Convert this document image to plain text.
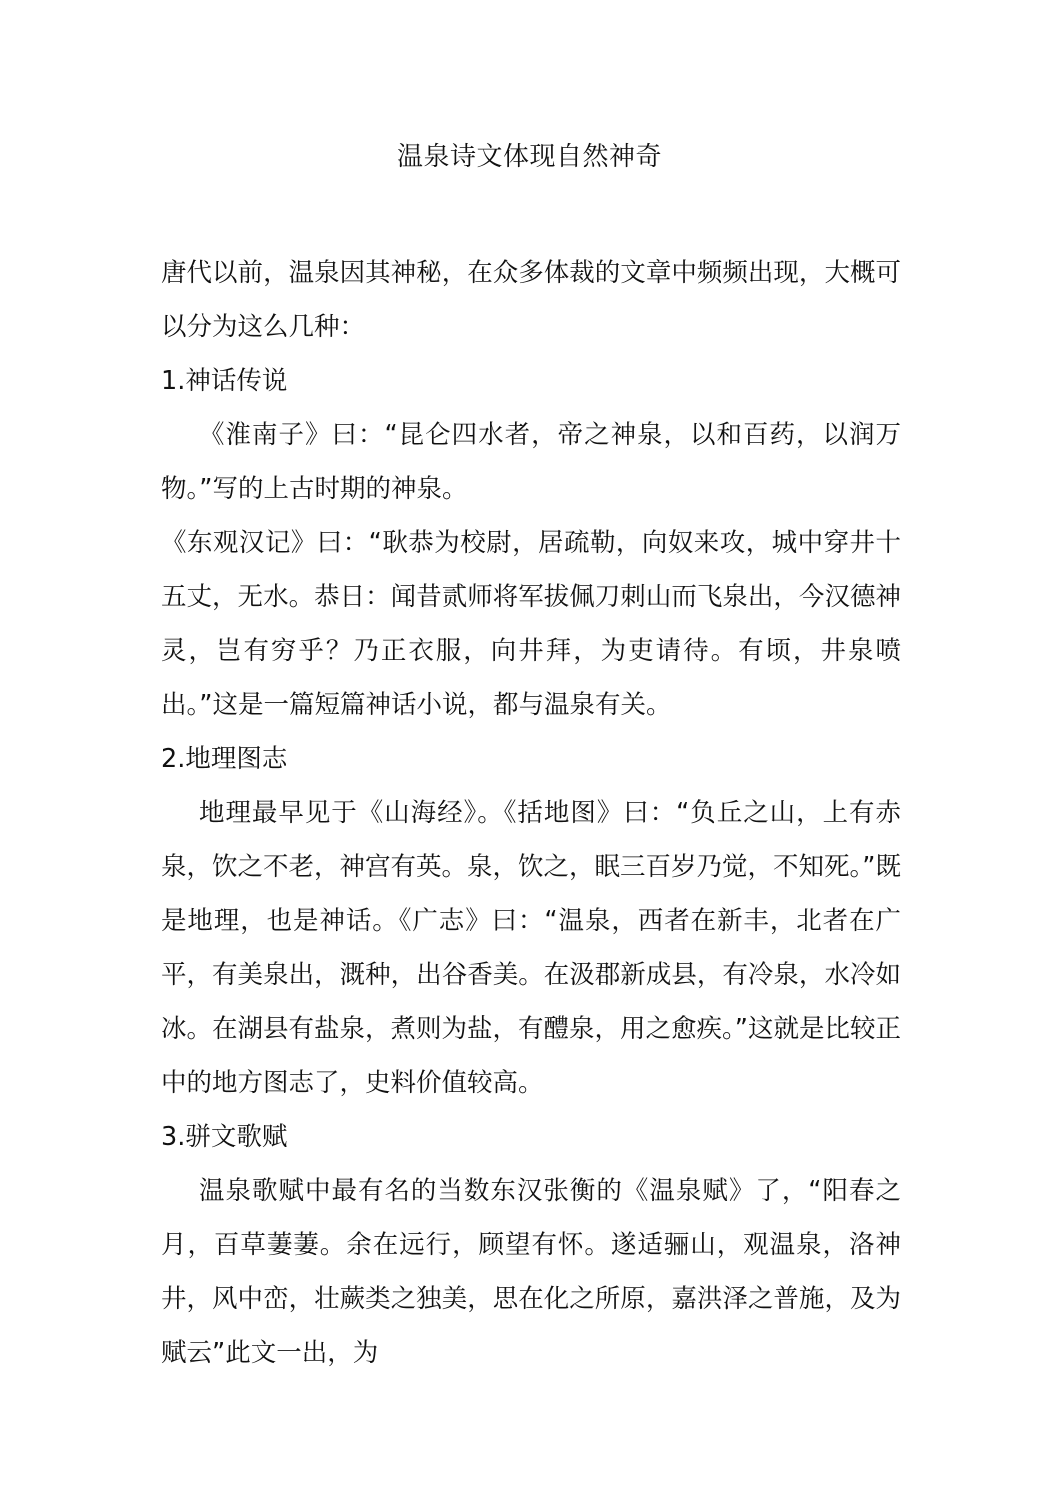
温泉诗文体现自然神奇

唐代以前，温泉因其神秘，在众多体裁的文章中频频出现，大概可以分为这么几种：

1.神话传说

《淮南子》曰：“昆仑四水者，帝之神泉，以和百药，以润万物。”写的上古时期的神泉。

《东观汉记》曰：“耿恭为校尉，居疏勒，向奴来攻，城中穿井十五丈，无水。恭日：闻昔贰师将军拔佩刀刺山而飞泉出，今汉德神灵，岂有穷乎？乃正衣服，向井拜，为吏请待。有顷，井泉喷出。”这是一篇短篇神话小说，都与温泉有关。

2.地理图志

地理最早见于《山海经》。《括地图》曰：“负丘之山，上有赤泉，饮之不老，神宫有英。泉，饮之，眠三百岁乃觉，不知死。”既是地理，也是神话。《广志》曰：“温泉，西者在新丰，北者在广平，有美泉出，溉种，出谷香美。在汲郡新成县，有冷泉，水冷如冰。在湖县有盐泉，煮则为盐，有醴泉，用之愈疾。”这就是比较正中的地方图志了，史料价值较高。

3.骈文歌赋

温泉歌赋中最有名的当数东汉张衡的《温泉赋》了，“阳春之月，百草萋萋。余在远行，顾望有怀。遂适骊山，观温泉，洛神井，风中峦，壮蕨类之独美，思在化之所原，嘉洪泽之普施，及为赋云”此文一出，为
